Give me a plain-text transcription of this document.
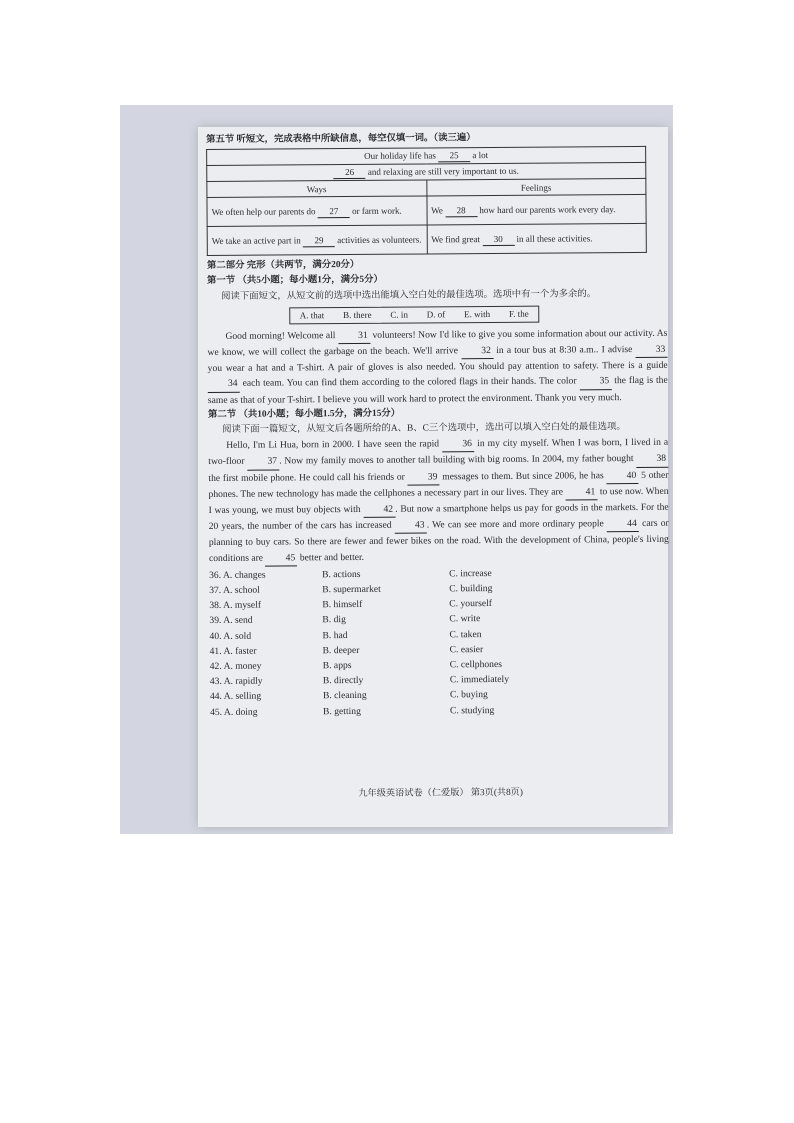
第五节 听短文，完成表格中所缺信息，每空仅填一词。（读三遍）

Our holiday life has 25 a lot	
26 and relaxing are still very important to us.	
Ways	Feelings
We often help our parents do 27 or farm work.	We 28 how hard our parents work every day.
We take an active part in 29 activities as volunteers.	We find great 30 in all these activities.

第二部分 完形（共两节，满分20分）

第一节 （共5小题；每小题1分，满分5分）

阅读下面短文，从短文前的选项中选出能填入空白处的最佳选项。选项中有一个为多余的。

A. that B. there C. in D. of E. with F. the

Good morning! Welcome all 31 volunteers! Now I'd like to give you some information about our activity. As we know, we will collect the garbage on the beach. We'll arrive 32 in a tour bus at 8:30 a.m.. I advise 33 you wear a hat and a T-shirt. A pair of gloves is also needed. You should pay attention to safety. There is a guide 34 each team. You can find them according to the colored flags in their hands. The color 35 the flag is the same as that of your T-shirt. I believe you will work hard to protect the environment. Thank you very much.

第二节 （共10小题；每小题1.5分，满分15分）

阅读下面一篇短文，从短文后各题所给的A、B、C三个选项中，选出可以填入空白处的最佳选项。

Hello, I'm Li Hua, born in 2000. I have seen the rapid 36 in my city myself. When I was born, I lived in a two-floor 37 . Now my family moves to another tall building with big rooms. In 2004, my father bought 38 the first mobile phone. He could call his friends or 39 messages to them. But since 2006, he has 40 5 other phones. The new technology has made the cellphones a necessary part in our lives. They are 41 to use now. When I was young, we must buy objects with 42 . But now a smartphone helps us pay for goods in the markets. For the 20 years, the number of the cars has increased 43 . We can see more and more ordinary people 44 cars or planning to buy cars. So there are fewer and fewer bikes on the road. With the development of China, people's living conditions are 45 better and better.

36. A. changes	B. actions	C. increase
37. A. school	B. supermarket	C. building
38. A. myself	B. himself	C. yourself
39. A. send	B. dig	C. write
40. A. sold	B. had	C. taken
41. A. faster	B. deeper	C. easier
42. A. money	B. apps	C. cellphones
43. A. rapidly	B. directly	C. immediately
44. A. selling	B. cleaning	C. buying
45. A. doing	B. getting	C. studying
九年级英语试卷（仁爱版） 第3页(共8页)
